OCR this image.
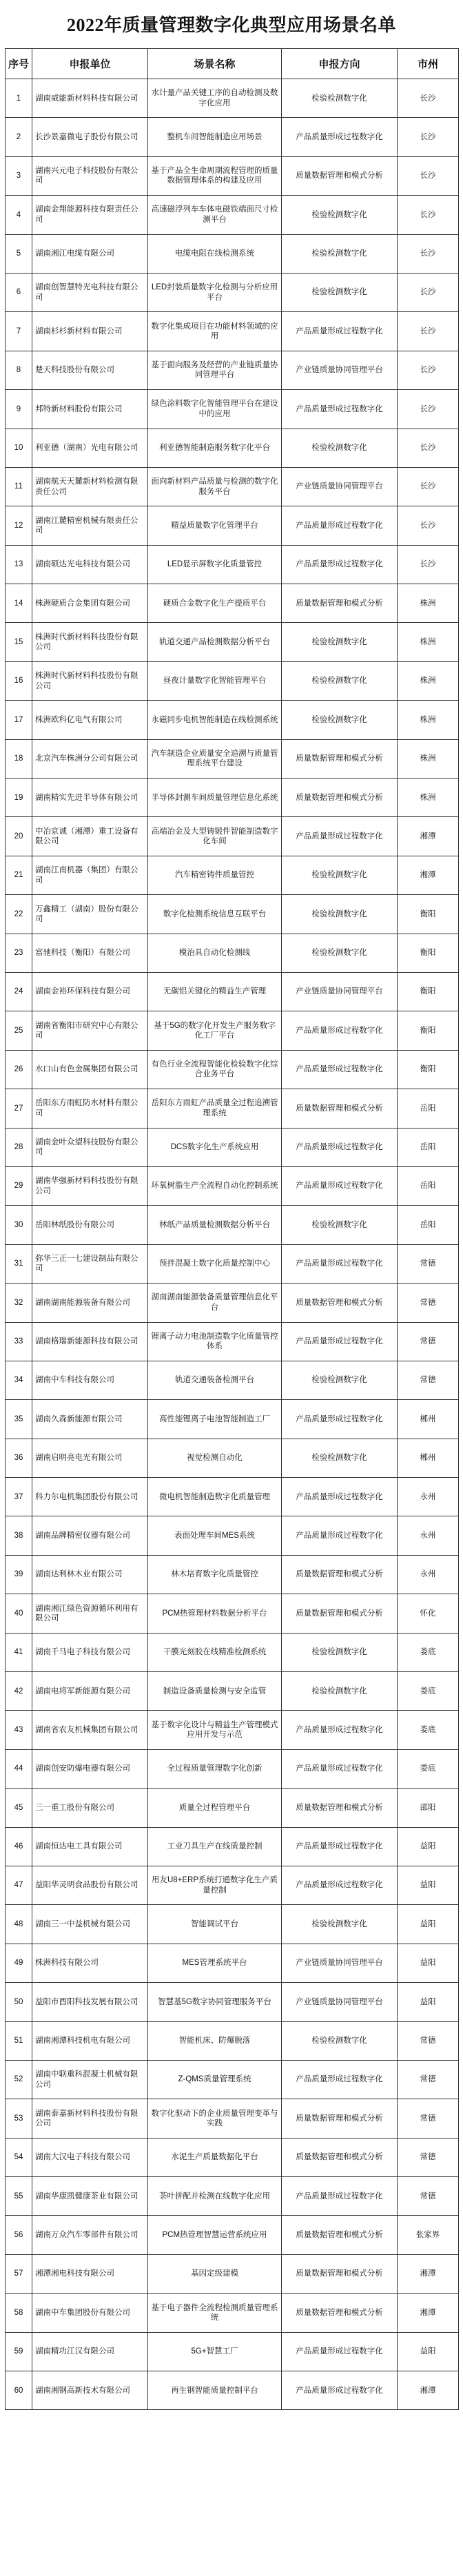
2022年质量管理数字化典型应用场景名单
序号	申报单位	场景名称	申报方向	市州
1	湖南威能新材料科技有限公司	水计量产品关键工序的自动检测及数字化应用	检验检测数字化	长沙
2	长沙景嘉微电子股份有限公司	整机车间智能制造应用场景	产品质量形成过程数字化	长沙
3	湖南兴元电子科技股份有限公司	基于产品全生命周期流程管理的质量数据管理体系的构建及应用	质量数据管理和模式分析	长沙
4	湖南金翔能源科技有限责任公司	高速磁浮列车车体电磁铁端面尺寸检测平台	检验检测数字化	长沙
5	湖南湘江电缆有限公司	电缆电阻在线检测系统	检验检测数字化	长沙
6	湖南创智慧特光电科技有限公司	LED封装质量数字化检测与分析应用平台	检验检测数字化	长沙
7	湖南杉杉新材料有限公司	数字化集成项目在功能材料领域的应用	产品质量形成过程数字化	长沙
8	楚天科技股份有限公司	基于面向服务及经营的产业链质量协同管理平台	产业链质量协同管理平台	长沙
9	邦特新材料股份有限公司	绿色涂料数字化智能管理平台在建设中的应用	产品质量形成过程数字化	长沙
10	利亚德（湖南）光电有限公司	利亚德智能制造服务数字化平台	检验检测数字化	长沙
11	湖南航天天麓新材料检测有限责任公司	面向新材料产品质量与检测的数字化服务平台	产业链质量协同管理平台	长沙
12	湖南江麓精密机械有限责任公司	精益质量数字化管理平台	产品质量形成过程数字化	长沙
13	湖南硕达光电科技有限公司	LED显示屏数字化质量管控	产品质量形成过程数字化	长沙
14	株洲硬质合金集团有限公司	硬质合金数字化生产提质平台	质量数据管理和模式分析	株洲
15	株洲时代新材料科技股份有限公司	轨道交通产品检测数据分析平台	检验检测数字化	株洲
16	株洲时代新材料科技股份有限公司	昼夜计量数字化智能管理平台	检验检测数字化	株洲
17	株洲欧科亿电气有限公司	永磁同步电机智能制造在线检测系统	检验检测数字化	株洲
18	北京汽车株洲分公司有限公司	汽车制造企业质量安全追溯与质量管理系统平台建设	质量数据管理和模式分析	株洲
19	湖南精实先进半导体有限公司	半导体封测车间质量管理信息化系统	质量数据管理和模式分析	株洲
20	中冶京诚（湘潭）重工设备有限公司	高端冶金及大型铸锻件智能制造数字化车间	产品质量形成过程数字化	湘潭
21	湖南江南机器（集团）有限公司	汽车精密铸件质量管控	检验检测数字化	湘潭
22	万鑫精工（湖南）股份有限公司	数字化检测系统信息互联平台	检验检测数字化	衡阳
23	富驰科技（衡阳）有限公司	模治具自动化检测线	检验检测数字化	衡阳
24	湖南金裕环保科技有限公司	无碳铝关键化的精益生产管理	产业链质量协同管理平台	衡阳
25	湖南省衡阳市研究中心有限公司	基于5G的数字化开发生产服务数字化工厂平台	产品质量形成过程数字化	衡阳
26	水口山有色金属集团有限公司	有色行业全流程智能化检验数字化综合业务平台	产品质量形成过程数字化	衡阳
27	岳阳东方雨虹防水材料有限公司	岳阳东方雨虹产品质量全过程追溯管理系统	质量数据管理和模式分析	岳阳
28	湖南金叶众望科技股份有限公司	DCS数字化生产系统应用	产品质量形成过程数字化	岳阳
29	湖南华强新材料科技股份有限公司	环氧树脂生产全流程自动化控制系统	产品质量形成过程数字化	岳阳
30	岳阳林纸股份有限公司	林纸产品质量检测数据分析平台	检验检测数字化	岳阳
31	弥华三正一七建设制品有限公司	预拌混凝土数字化质量控制中心	产品质量形成过程数字化	常德
32	湖南湖南能源装备有限公司	湖南湖南能源装备质量管理信息化平台	质量数据管理和模式分析	常德
33	湖南格瑞新能源科技有限公司	锂离子动力电池制造数字化质量管控体系	产品质量形成过程数字化	常德
34	湖南中车科技有限公司	轨道交通装备检测平台	检验检测数字化	常德
35	湖南久森新能源有限公司	高性能锂离子电池智能制造工厂	产品质量形成过程数字化	郴州
36	湖南启明亮电光有限公司	视觉检测自动化	检验检测数字化	郴州
37	科力尔电机集团股份有限公司	微电机智能制造数字化质量管理	产品质量形成过程数字化	永州
38	湖南品牌精密仪器有限公司	表面处理车间MES系统	产品质量形成过程数字化	永州
39	湖南达利林木业有限公司	林木培育数字化质量管控	质量数据管理和模式分析	永州
40	湖南湘江绿色资源循环利用有限公司	PCM热管理材料数据分析平台	质量数据管理和模式分析	怀化
41	湖南千马电子科技有限公司	干膜光刻胶在线精准检测系统	检验检测数字化	娄底
42	湖南电将军新能源有限公司	制造设备质量检测与安全监管	检验检测数字化	娄底
43	湖南省农友机械集团有限公司	基于数字化设计与精益生产管理模式应用开发与示范	产品质量形成过程数字化	娄底
44	湖南创安防爆电器有限公司	全过程质量管理数字化创新	产品质量形成过程数字化	娄底
45	三一重工股份有限公司	质量全过程管理平台	质量数据管理和模式分析	邵阳
46	湖南恒达电工具有限公司	工业刀具生产在线质量控制	产品质量形成过程数字化	益阳
47	益阳华灵明食品股份有限公司	用友U8+ERP系统打通数字化生产质量控制	产品质量形成过程数字化	益阳
48	湖南三一中益机械有限公司	智能调试平台	检验检测数字化	益阳
49	株洲科技有限公司	MES管理系统平台	产业链质量协同管理平台	益阳
50	益阳市酉阳科技发展有限公司	智慧基5G数字协同管理服务平台	产业链质量协同管理平台	益阳
51	湖南湘潭科技机电有限公司	智能机床、防爆脱落	检验检测数字化	常德
52	湖南中联重科混凝土机械有限公司	Z-QMS质量管理系统	产品质量形成过程数字化	常德
53	湖南泰嘉新材料科技股份有限公司	数字化驱动下的企业质量管理变革与实践	质量数据管理和模式分析	常德
54	湖南大汉电子科技有限公司	水泥生产质量数据化平台	质量数据管理和模式分析	常德
55	湖南华康凯健康茶业有限公司	茶叶拼配并检测在线数字化应用	产品质量形成过程数字化	常德
56	湖南万众汽车零部件有限公司	PCM热管理智慧运营系统应用	质量数据管理和模式分析	张家界
57	湘潭湘电科技有限公司	基因定级建模	质量数据管理和模式分析	湘潭
58	湖南中车集团股份有限公司	基于电子器件全流程检测质量管理系统	质量数据管理和模式分析	湘潭
59	湖南精功江汉有限公司	5G+智慧工厂	产品质量形成过程数字化	益阳
60	湖南湘钢高新技术有限公司	再生钢智能质量控制平台	产品质量形成过程数字化	湘潭
